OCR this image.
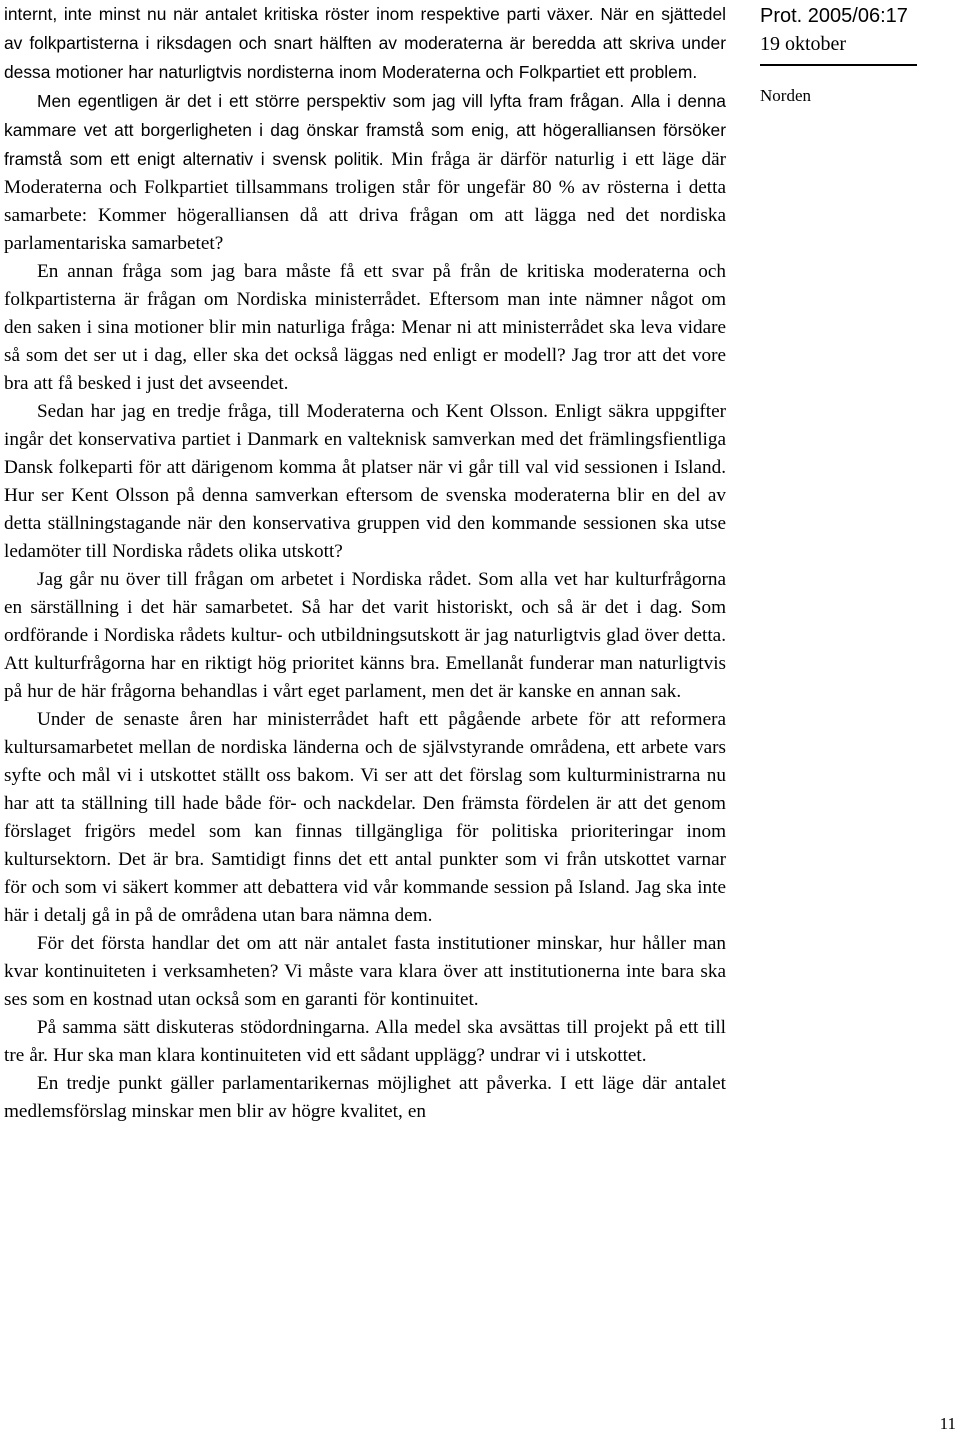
internt, inte minst nu när antalet kritiska röster inom respektive parti växer. När en sjättedel av folkpartisterna i riksdagen och snart hälften av moderaterna är beredda att skriva under dessa motioner har naturligtvis nordisterna inom Moderaterna och Folkpartiet ett problem.

Men egentligen är det i ett större perspektiv som jag vill lyfta fram frågan. Alla i denna kammare vet att borgerligheten i dag önskar framstå som enig, att högeralliansen försöker framstå som ett enigt alternativ i svensk politik. Min fråga är därför naturlig i ett läge där Moderaterna och Folkpartiet tillsammans troligen står för ungefär 80 % av rösterna i detta samarbete: Kommer högeralliansen då att driva frågan om att lägga ned det nordiska parlamentariska samarbetet?

En annan fråga som jag bara måste få ett svar på från de kritiska moderaterna och folkpartisterna är frågan om Nordiska ministerrådet. Eftersom man inte nämner något om den saken i sina motioner blir min naturliga fråga: Menar ni att ministerrådet ska leva vidare så som det ser ut i dag, eller ska det också läggas ned enligt er modell? Jag tror att det vore bra att få besked i just det avseendet.

Sedan har jag en tredje fråga, till Moderaterna och Kent Olsson. Enligt säkra uppgifter ingår det konservativa partiet i Danmark en valteknisk samverkan med det främlingsfientliga Dansk folkeparti för att därigenom komma åt platser när vi går till val vid sessionen i Island. Hur ser Kent Olsson på denna samverkan eftersom de svenska moderaterna blir en del av detta ställningstagande när den konservativa gruppen vid den kommande sessionen ska utse ledamöter till Nordiska rådets olika utskott?

Jag går nu över till frågan om arbetet i Nordiska rådet. Som alla vet har kulturfrågorna en särställning i det här samarbetet. Så har det varit historiskt, och så är det i dag. Som ordförande i Nordiska rådets kultur- och utbildningsutskott är jag naturligtvis glad över detta. Att kulturfrågorna har en riktigt hög prioritet känns bra. Emellanåt funderar man naturligtvis på hur de här frågorna behandlas i vårt eget parlament, men det är kanske en annan sak.

Under de senaste åren har ministerrådet haft ett pågående arbete för att reformera kultursamarbetet mellan de nordiska länderna och de självstyrande områdena, ett arbete vars syfte och mål vi i utskottet ställt oss bakom. Vi ser att det förslag som kulturministrarna nu har att ta ställning till hade både för- och nackdelar. Den främsta fördelen är att det genom förslaget frigörs medel som kan finnas tillgängliga för politiska prioriteringar inom kultursektorn. Det är bra. Samtidigt finns det ett antal punkter som vi från utskottet varnar för och som vi säkert kommer att debattera vid vår kommande session på Island. Jag ska inte här i detalj gå in på de områdena utan bara nämna dem.

För det första handlar det om att när antalet fasta institutioner minskar, hur håller man kvar kontinuiteten i verksamheten? Vi måste vara klara över att institutionerna inte bara ska ses som en kostnad utan också som en garanti för kontinuitet.

På samma sätt diskuteras stödordningarna. Alla medel ska avsättas till projekt på ett till tre år. Hur ska man klara kontinuiteten vid ett sådant upplägg? undrar vi i utskottet.

En tredje punkt gäller parlamentarikernas möjlighet att påverka. I ett läge där antalet medlemsförslag minskar men blir av högre kvalitet, en

Prot. 2005/06:17
19 oktober
Norden
11
